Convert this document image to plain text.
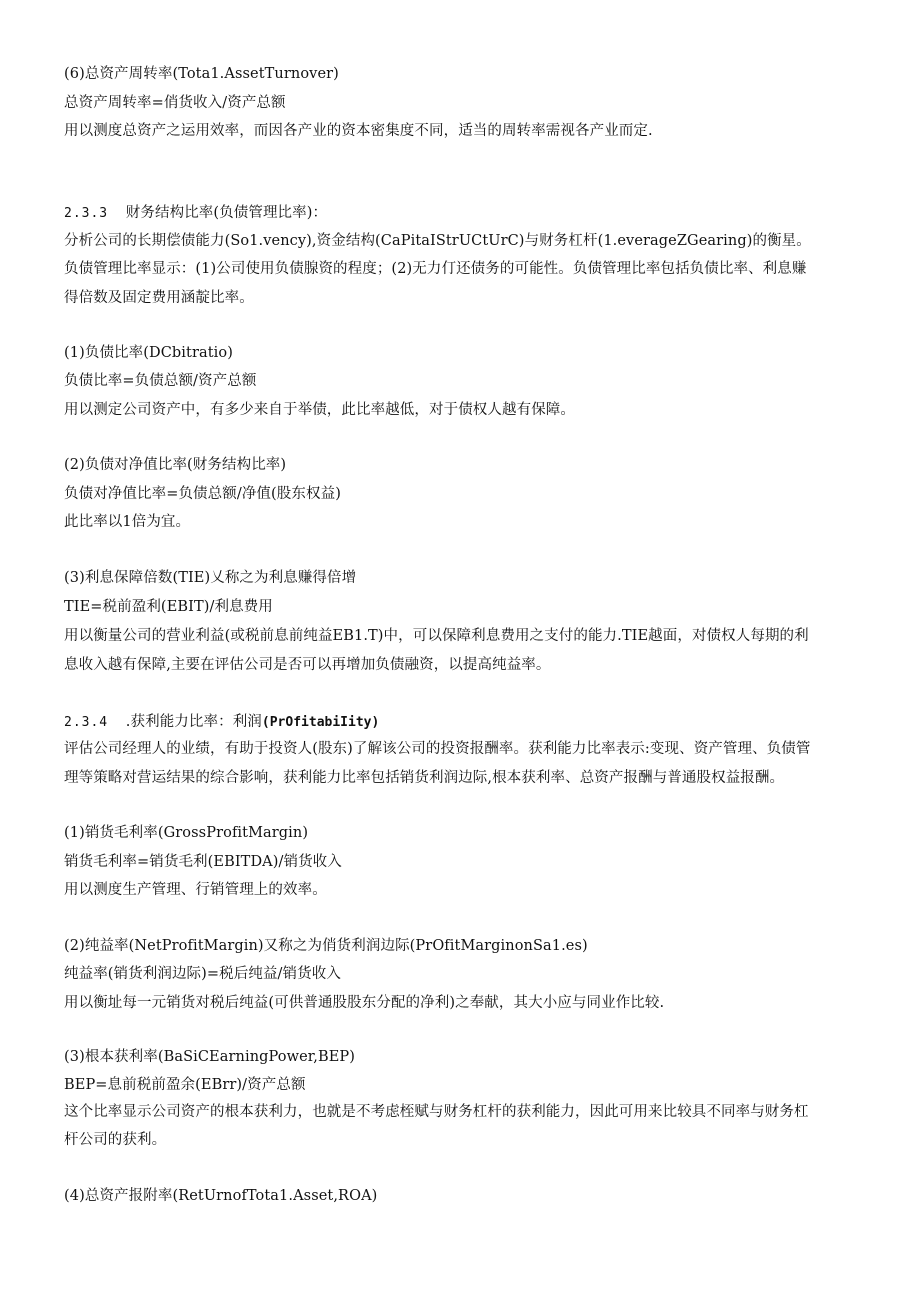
(6)总资产周转率(Tota1.AssetTurnover)
总资产周转率=俏货收入/资产总额
用以测度总资产之运用效率，而因各产业的资本密集度不同，适当的周转率需视各产业而定.
2.3.3 财务结构比率(负债管理比率)：
分析公司的长期偿债能力(So1.vency),资金结构(CaPitaIStrUCtUrC)与财务杠杆(1.everageZGearing)的衡星。
负债管理比率显示：(1)公司使用负债腺资的程度；(2)无力仃还债务的可能性。负债管理比率包括负债比率、利息赚
得倍数及固定费用涵靛比率。
(1)负债比率(DCbitratio)
负债比率=负债总额/资产总额
用以测定公司资产中，有多少来自于举债，此比率越低，对于债权人越有保障。
(2)负债对净值比率(财务结构比率)
负债对净值比率=负债总额/净值(股东权益)
此比率以1倍为宜。
(3)利息保障倍数(TIE)乂称之为利息赚得倍增
TIE=税前盈利(EBIT)/利息费用
用以衡量公司的营业利益(或税前息前纯益EB1.T)中，可以保障利息费用之支付的能力.TIE越面，对债权人每期的利
息收入越有保障,主要在评估公司是否可以再增加负债融资，以提高纯益率。
2.3.4 .获利能力比率：利润(PrOfitabiIity)
评估公司经理人的业绩，有助于投资人(股东)了解该公司的投资报酬率。获利能力比率表示:变现、资产管理、负债管
理等策略对营运结果的综合影响，获利能力比率包括销货利润边际,根本获利率、总资产报酬与普通股权益报酬。
(1)销货毛利率(GrossProfitMargin)
销货毛利率=销货毛利(EBITDA)/销货收入
用以测度生产管理、行销管理上的效率。
(2)纯益率(NetProfitMargin)又称之为俏货利润边际(PrOfitMarginonSa1.es)
纯益率(销货利润边际)=税后纯益/销货收入
用以衡址每一元销货对税后纯益(可供普通股股东分配的净利)之奉献，其大小应与同业作比较.
(3)根本获利率(BaSiCEarningPower,BEP)
BEP=息前税前盈余(EBrr)/资产总额
这个比率显示公司资产的根本获利力，也就是不考虑桎赋与财务杠杆的获利能力，因此可用来比较具不同率与财务杠
杆公司的获利。
(4)总资产报附率(RetUrnofTota1.Asset,ROA)
